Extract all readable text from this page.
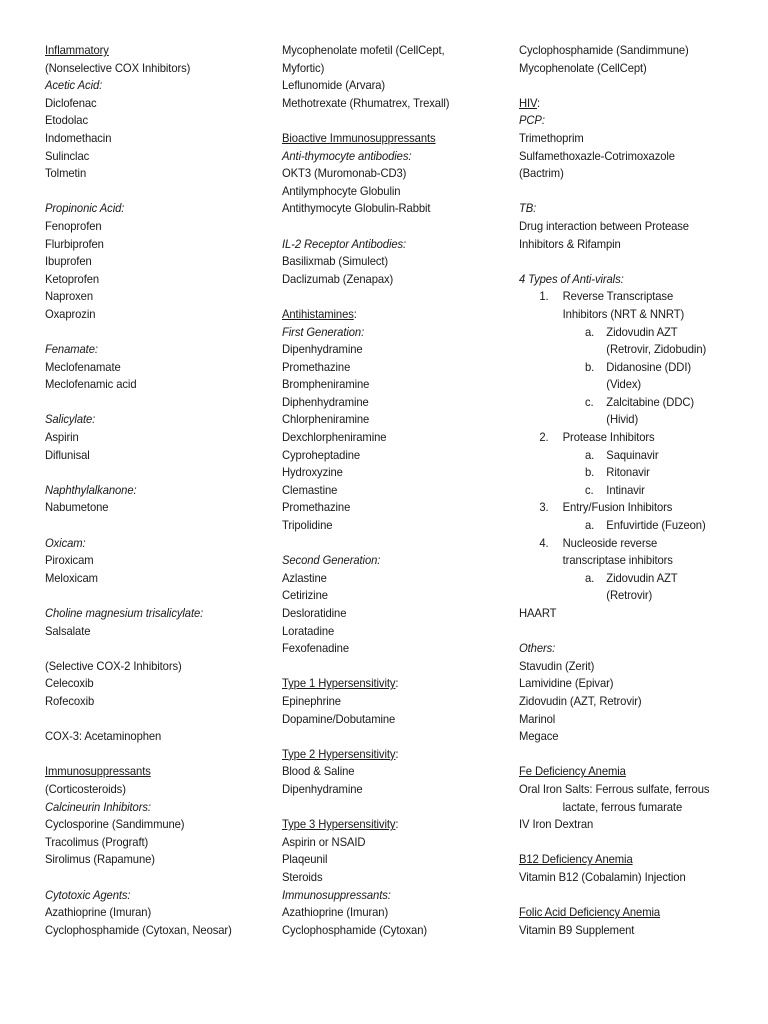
Inflammatory
(Nonselective COX Inhibitors)
Acetic Acid:
Diclofenac
Etodolac
Indomethacin
Sulinclac
Tolmetin
Propinonic Acid:
Fenoprofen
Flurbiprofen
Ibuprofen
Ketoprofen
Naproxen
Oxaprozin
Fenamate:
Meclofenamate
Meclofenamic acid
Salicylate:
Aspirin
Diflunisal
Naphthylalkanone:
Nabumetone
Oxicam:
Piroxicam
Meloxicam
Choline magnesium trisalicylate:
Salsalate
(Selective COX-2 Inhibitors)
Celecoxib
Rofecoxib
COX-3: Acetaminophen
Immunosuppressants
(Corticosteroids)
Calcineurin Inhibitors:
Cyclosporine (Sandimmune)
Tracolimus (Prograft)
Sirolimus (Rapamune)
Cytotoxic Agents:
Azathioprine (Imuran)
Cyclophosphamide (Cytoxan, Neosar)
Mycophenolate mofetil (CellCept,
Myfortic)
Leflunomide (Arvara)
Methotrexate (Rhumatrex, Trexall)
Bioactive Immunosuppressants
Anti-thymocyte antibodies:
OKT3 (Muromonab-CD3)
Antilymphocyte Globulin
Antithymocyte Globulin-Rabbit
IL-2 Receptor Antibodies:
Basilixmab (Simulect)
Daclizumab (Zenapax)
Antihistamines:
First Generation:
Dipenhydramine
Promethazine
Brompheniramine
Diphenhydramine
Chlorpheniramine
Dexchlorpheniramine
Cyproheptadine
Hydroxyzine
Clemastine
Promethazine
Tripolidine
Second Generation:
Azlastine
Cetirizine
Desloratidine
Loratadine
Fexofenadine
Type 1 Hypersensitivity:
Epinephrine
Dopamine/Dobutamine
Type 2 Hypersensitivity:
Blood & Saline
Dipenhydramine
Type 3 Hypersensitivity:
Aspirin or NSAID
Plaqeunil
Steroids
Immunosuppressants:
Azathioprine (Imuran)
Cyclophosphamide (Cytoxan)
Cyclophosphamide (Sandimmune)
Mycophenolate (CellCept)
HIV:
PCP:
Trimethoprim
Sulfamethoxazle-Cotrimoxazole
(Bactrim)
TB:
Drug interaction between Protease
Inhibitors & Rifampin
4 Types of Anti-virals:
1. Reverse Transcriptase
Inhibitors (NRT & NNRT)
a. Zidovudin AZT
(Retrovir, Zidobudin)
b. Didanosine (DDI)
(Videx)
c. Zalcitabine (DDC)
(Hivid)
2. Protease Inhibitors
a. Saquinavir
b. Ritonavir
c. Intinavir
3. Entry/Fusion Inhibitors
a. Enfuvirtide (Fuzeon)
4. Nucleoside reverse
transcriptase inhibitors
a. Zidovudin AZT
(Retrovir)
HAART
Others:
Stavudin (Zerit)
Lamividine (Epivar)
Zidovudin (AZT, Retrovir)
Marinol
Megace
Fe Deficiency Anemia
Oral Iron Salts: Ferrous sulfate, ferrous
lactate, ferrous fumarate
IV Iron Dextran
B12 Deficiency Anemia
Vitamin B12 (Cobalamin) Injection
Folic Acid Deficiency Anemia
Vitamin B9 Supplement
